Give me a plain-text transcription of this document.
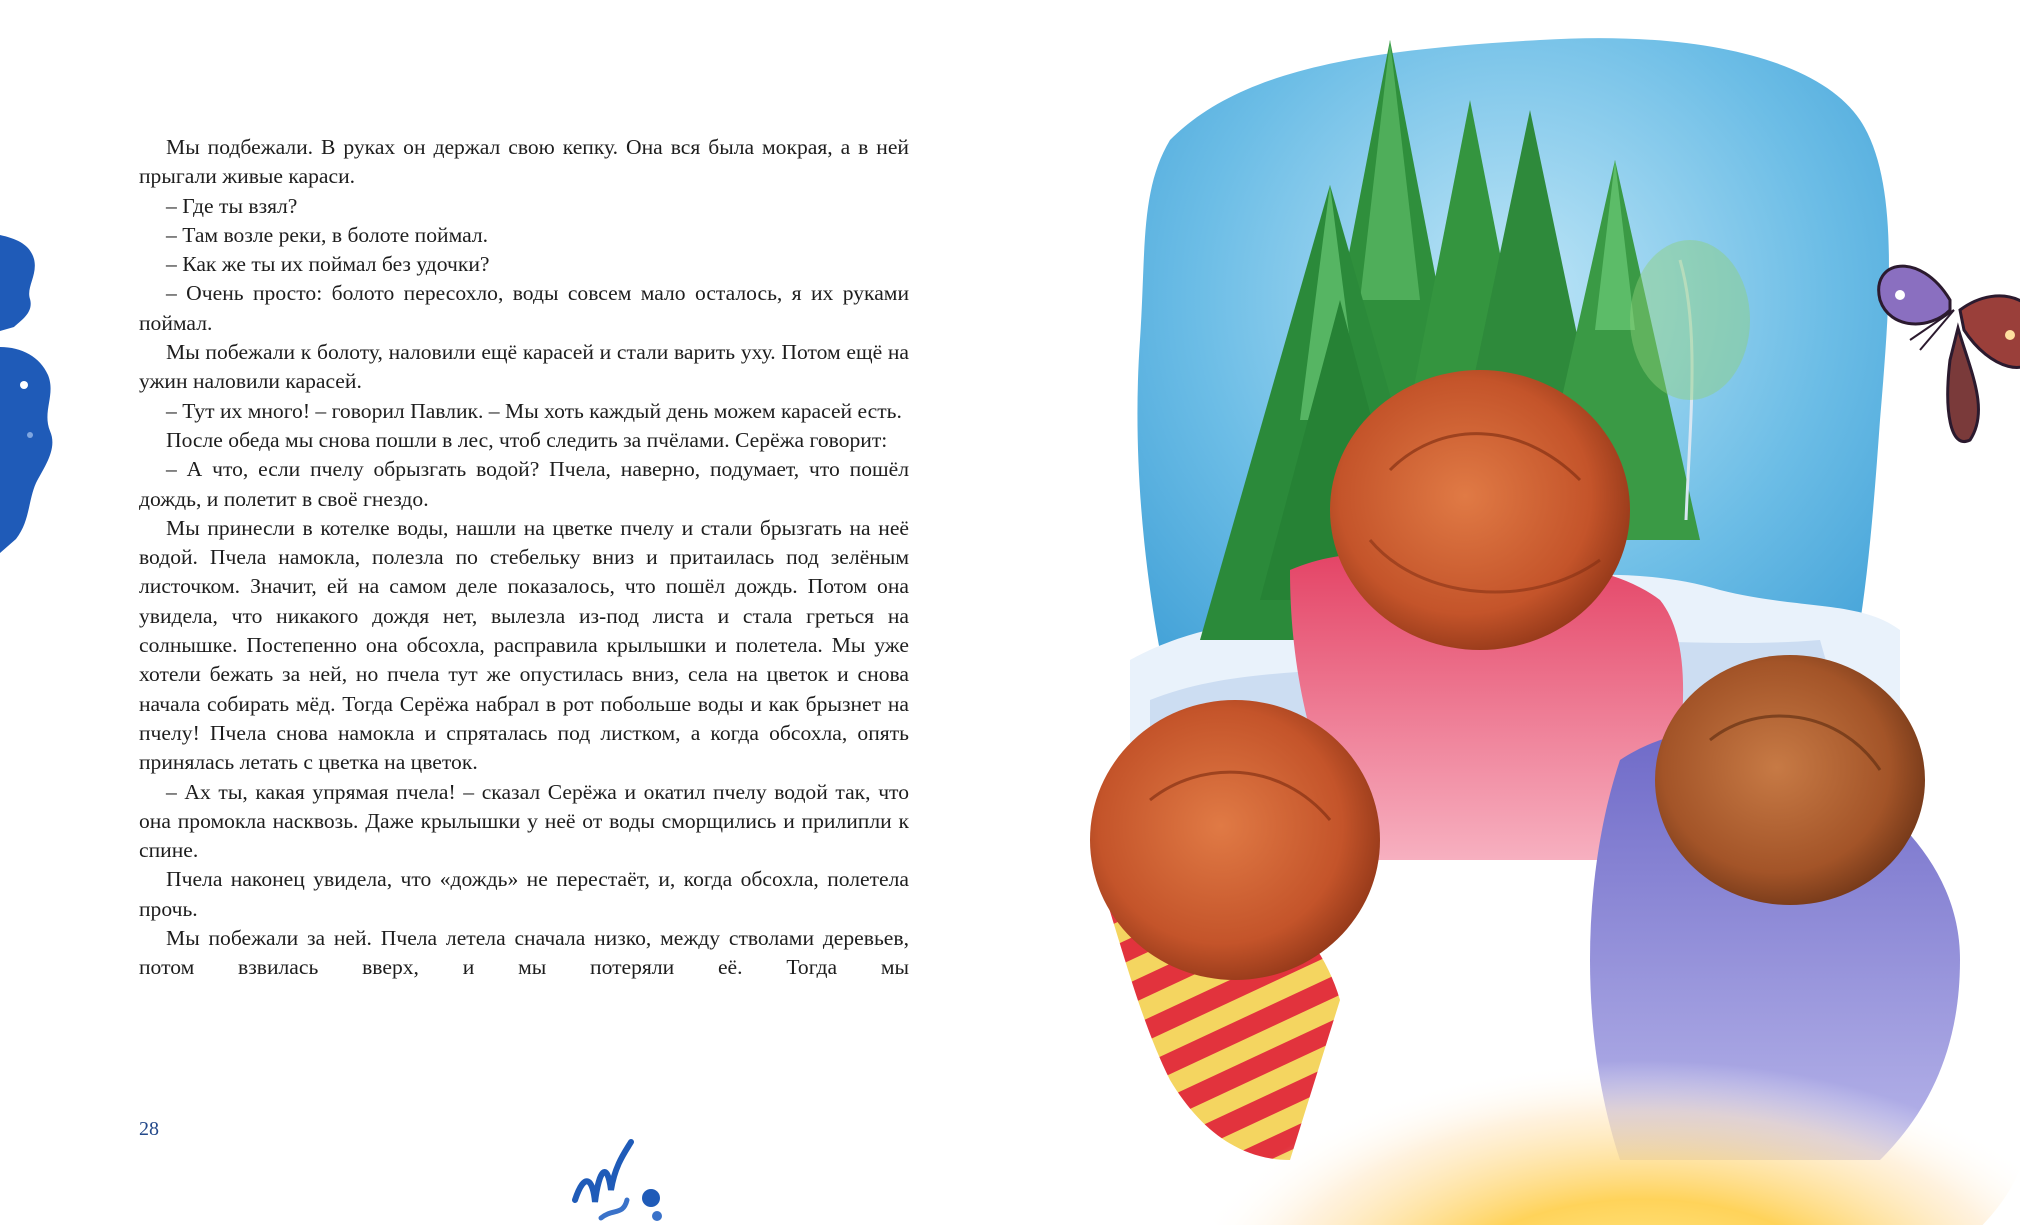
Мы подбежали. В руках он держал свою кепку. Она вся была мокрая, а в ней прыгали живые караси.

– Где ты взял?

– Там возле реки, в болоте поймал.

– Как же ты их поймал без удочки?

– Очень просто: болото пересохло, воды совсем мало осталось, я их руками поймал.

Мы побежали к болоту, наловили ещё карасей и стали варить уху. Потом ещё на ужин наловили карасей.

– Тут их много! – говорил Павлик. – Мы хоть каждый день можем карасей есть.

После обеда мы снова пошли в лес, чтоб следить за пчёлами. Серёжа говорит:

– А что, если пчелу обрызгать водой? Пчела, наверно, подумает, что пошёл дождь, и полетит в своё гнездо.

Мы принесли в котелке воды, нашли на цветке пчелу и стали брызгать на неё водой. Пчела намокла, полезла по стебельку вниз и притаилась под зелёным листочком. Значит, ей на самом деле показалось, что пошёл дождь. Потом она увидела, что никакого дождя нет, вылезла из-под листа и стала греться на солнышке. Постепенно она обсохла, расправила крылышки и полетела. Мы уже хотели бежать за ней, но пчела тут же опустилась вниз, села на цветок и снова начала собирать мёд. Тогда Серёжа набрал в рот побольше воды и как брызнет на пчелу! Пчела снова намокла и спряталась под листком, а когда обсохла, опять принялась летать с цветка на цветок.

– Ах ты, какая упрямая пчела! – сказал Серёжа и окатил пчелу водой так, что она промокла насквозь. Даже крылышки у неё от воды сморщились и прилипли к спине.

Пчела наконец увидела, что «дождь» не перестаёт, и, когда обсохла, полетела прочь.

Мы побежали за ней. Пчела летела сначала низко, между стволами деревьев, потом взвилась вверх, и мы потеряли её. Тогда мы

28
